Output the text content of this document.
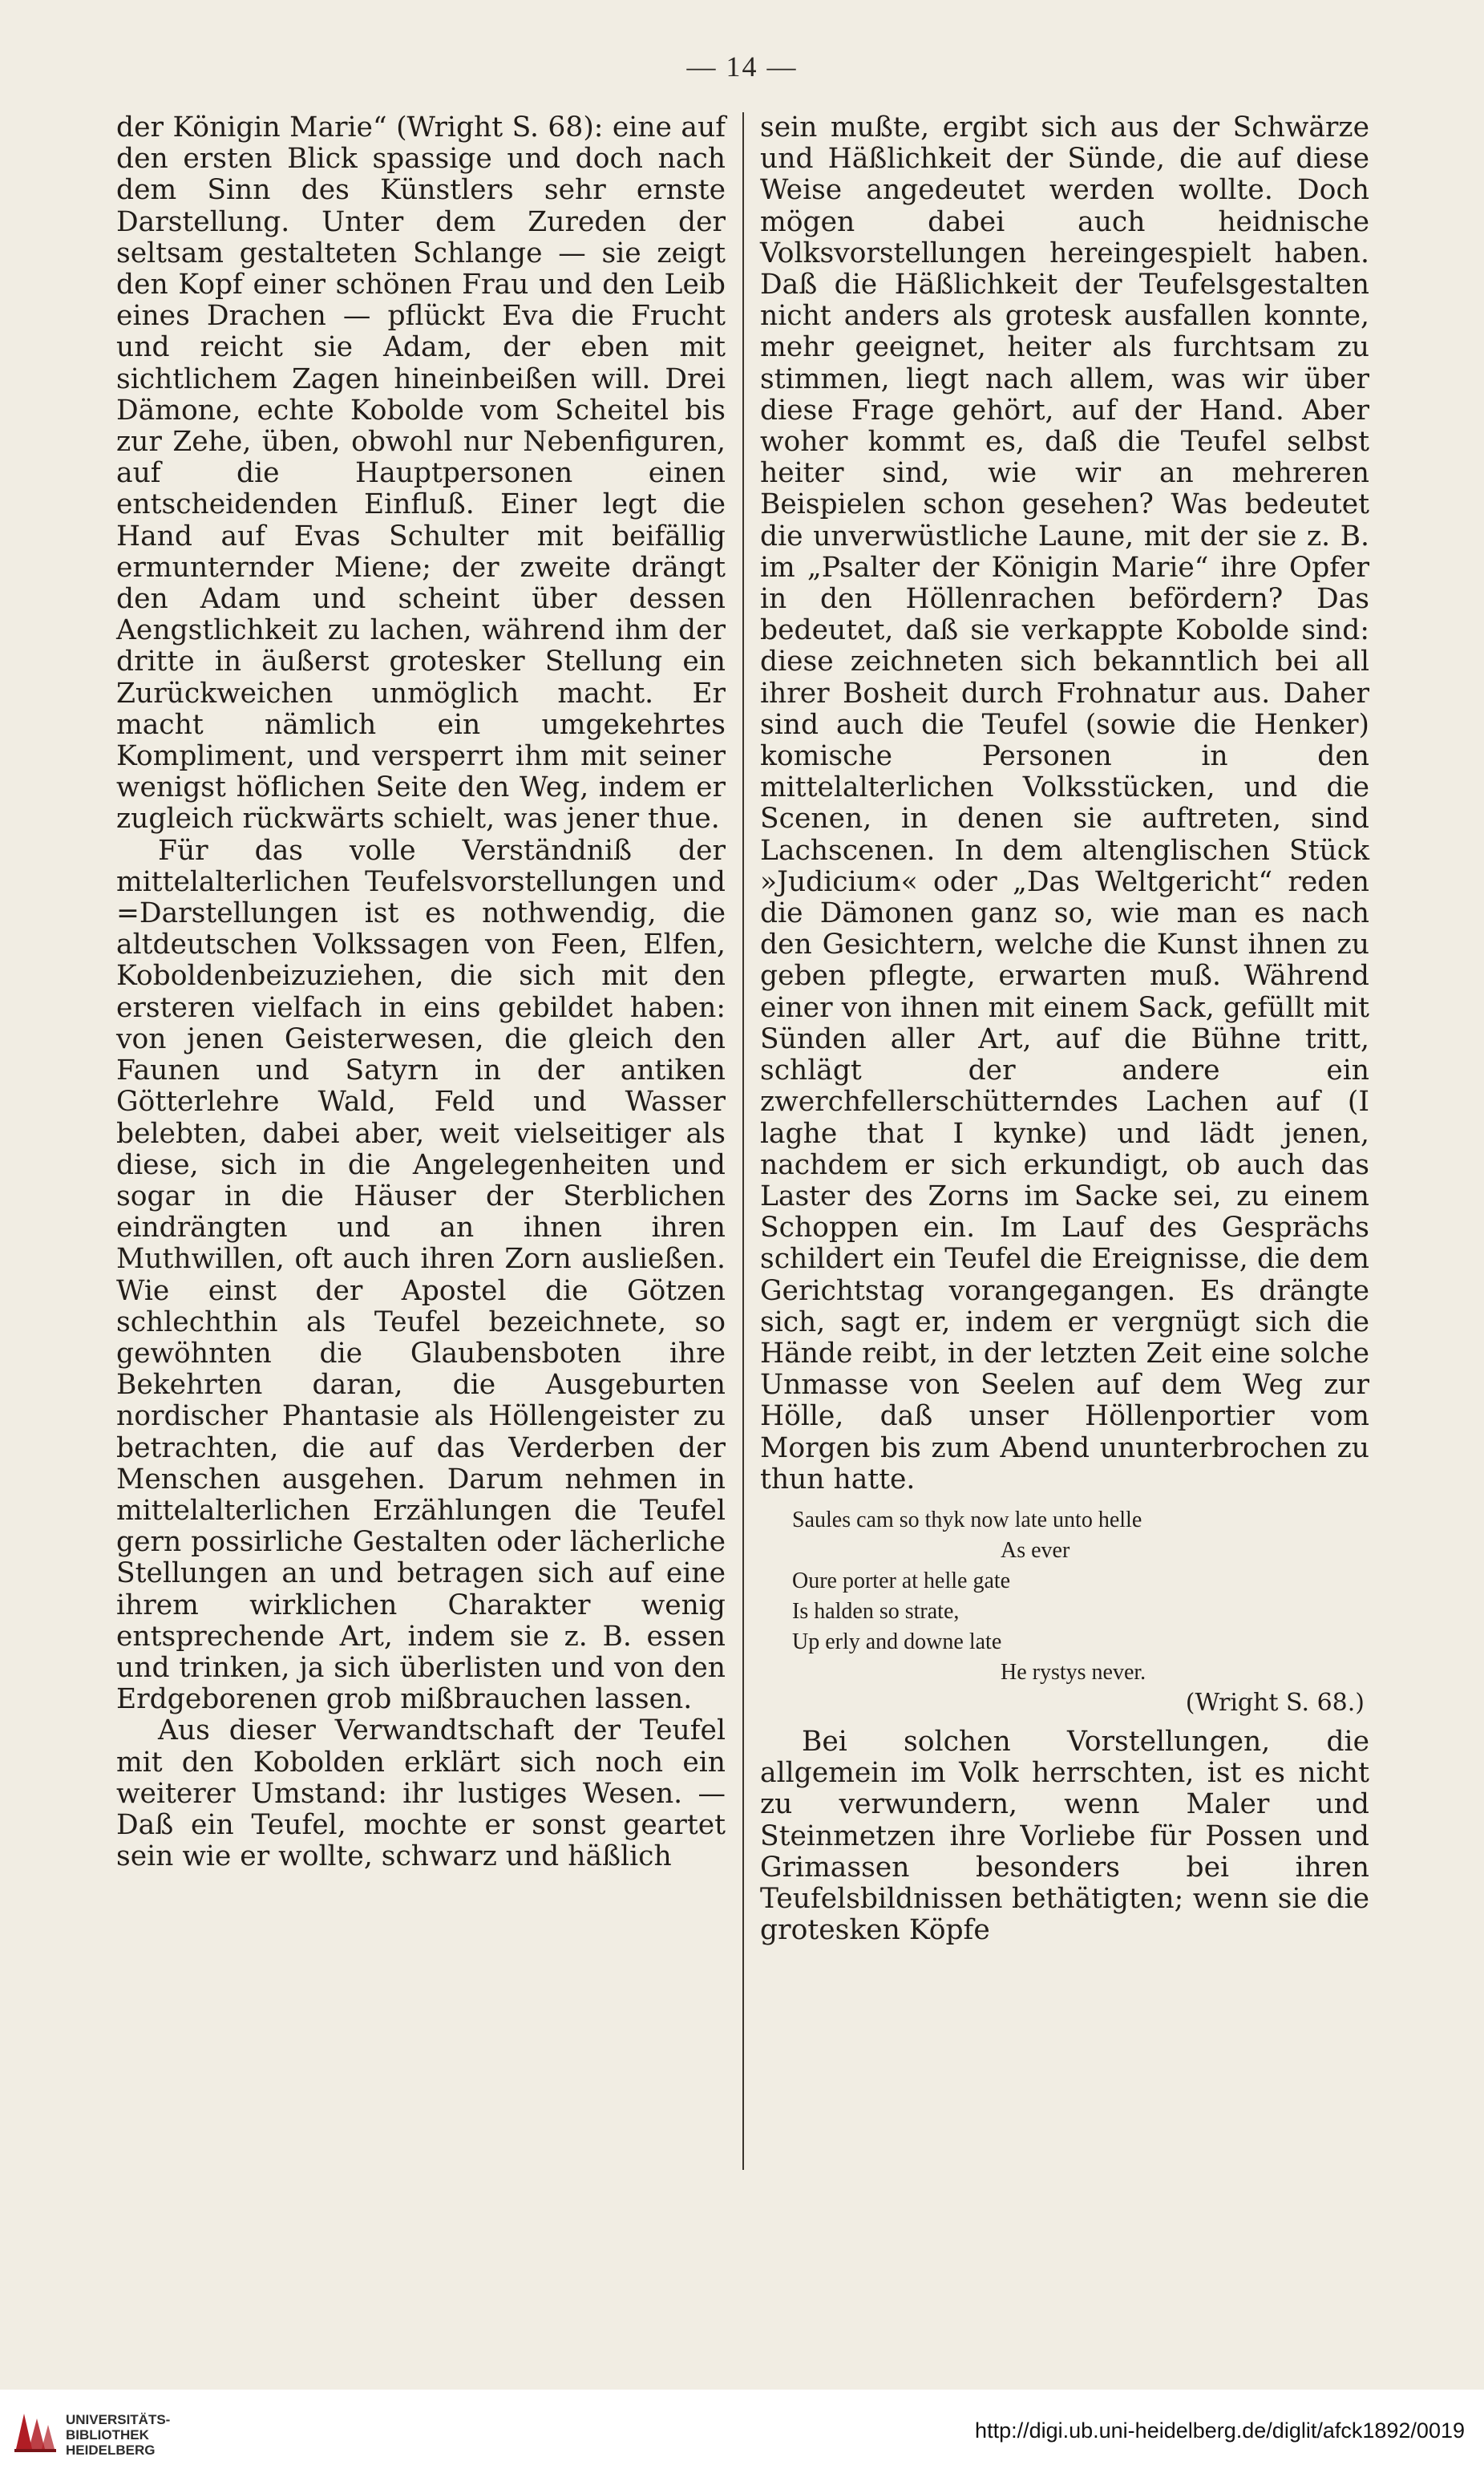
— 14 —

der Königin Marie“ (Wright S. 68): eine auf den ersten Blick spassige und doch nach dem Sinn des Künstlers sehr ernste Darstellung. Unter dem Zureden der seltsam gestalteten Schlange — sie zeigt den Kopf einer schönen Frau und den Leib eines Drachen — pflückt Eva die Frucht und reicht sie Adam, der eben mit sichtlichem Zagen hineinbeißen will. Drei Dämone, echte Kobolde vom Scheitel bis zur Zehe, üben, obwohl nur Nebenfiguren, auf die Hauptpersonen einen entscheidenden Einfluß. Einer legt die Hand auf Evas Schulter mit beifällig ermunternder Miene; der zweite drängt den Adam und scheint über dessen Aengstlichkeit zu lachen, während ihm der dritte in äußerst grotesker Stellung ein Zurückweichen unmöglich macht. Er macht nämlich ein umgekehrtes Kompliment, und versperrt ihm mit seiner wenigst höflichen Seite den Weg, indem er zugleich rückwärts schielt, was jener thue.

Für das volle Verständniß der mittelalterlichen Teufelsvorstellungen und =Darstellungen ist es nothwendig, die altdeutschen Volkssagen von Feen, Elfen, Koboldenbeizuziehen, die sich mit den ersteren vielfach in eins gebildet haben: von jenen Geisterwesen, die gleich den Faunen und Satyrn in der antiken Götterlehre Wald, Feld und Wasser belebten, dabei aber, weit vielseitiger als diese, sich in die Angelegenheiten und sogar in die Häuser der Sterblichen eindrängten und an ihnen ihren Muthwillen, oft auch ihren Zorn ausließen. Wie einst der Apostel die Götzen schlechthin als Teufel bezeichnete, so gewöhnten die Glaubensboten ihre Bekehrten daran, die Ausgeburten nordischer Phantasie als Höllengeister zu betrachten, die auf das Verderben der Menschen ausgehen. Darum nehmen in mittelalterlichen Erzählungen die Teufel gern possirliche Gestalten oder lächerliche Stellungen an und betragen sich auf eine ihrem wirklichen Charakter wenig entsprechende Art, indem sie z. B. essen und trinken, ja sich überlisten und von den Erdgeborenen grob mißbrauchen lassen.

Aus dieser Verwandtschaft der Teufel mit den Kobolden erklärt sich noch ein weiterer Umstand: ihr lustiges Wesen. — Daß ein Teufel, mochte er sonst geartet sein wie er wollte, schwarz und häßlich

sein mußte, ergibt sich aus der Schwärze und Häßlichkeit der Sünde, die auf diese Weise angedeutet werden wollte. Doch mögen dabei auch heidnische Volksvorstellungen hereingespielt haben. Daß die Häßlichkeit der Teufelsgestalten nicht anders als grotesk ausfallen konnte, mehr geeignet, heiter als furchtsam zu stimmen, liegt nach allem, was wir über diese Frage gehört, auf der Hand. Aber woher kommt es, daß die Teufel selbst heiter sind, wie wir an mehreren Beispielen schon gesehen? Was bedeutet die unverwüstliche Laune, mit der sie z. B. im „Psalter der Königin Marie“ ihre Opfer in den Höllenrachen befördern? Das bedeutet, daß sie verkappte Kobolde sind: diese zeichneten sich bekanntlich bei all ihrer Bosheit durch Frohnatur aus. Daher sind auch die Teufel (sowie die Henker) komische Personen in den mittelalterlichen Volksstücken, und die Scenen, in denen sie auftreten, sind Lachscenen. In dem altenglischen Stück »Judicium« oder „Das Weltgericht“ reden die Dämonen ganz so, wie man es nach den Gesichtern, welche die Kunst ihnen zu geben pflegte, erwarten muß. Während einer von ihnen mit einem Sack, gefüllt mit Sünden aller Art, auf die Bühne tritt, schlägt der andere ein zwerchfellerschütterndes Lachen auf (I laghe that I kynke) und lädt jenen, nachdem er sich erkundigt, ob auch das Laster des Zorns im Sacke sei, zu einem Schoppen ein. Im Lauf des Gesprächs schildert ein Teufel die Ereignisse, die dem Gerichtstag vorangegangen. Es drängte sich, sagt er, indem er vergnügt sich die Hände reibt, in der letzten Zeit eine solche Unmasse von Seelen auf dem Weg zur Hölle, daß unser Höllenportier vom Morgen bis zum Abend ununterbrochen zu thun hatte.

Saules cam so thyk now late unto helle
As ever
Oure porter at helle gate
Is halden so strate,
Up erly and downe late
He rystys never.
(Wright S. 68.)

Bei solchen Vorstellungen, die allgemein im Volk herrschten, ist es nicht zu verwundern, wenn Maler und Steinmetzen ihre Vorliebe für Possen und Grimassen besonders bei ihren Teufelsbildnissen bethätigten; wenn sie die grotesken Köpfe

UNIVERSITÄTS-
BIBLIOTHEK
HEIDELBERG
http://digi.ub.uni-heidelberg.de/diglit/afck1892/0019
